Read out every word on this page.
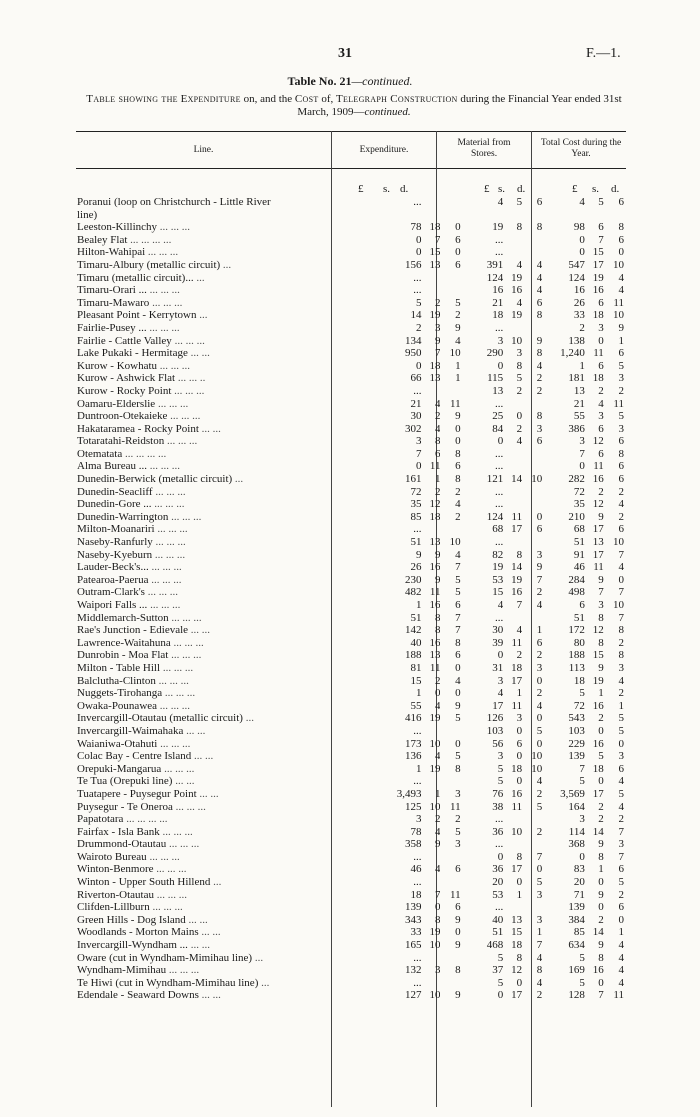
31	F.—1.
Table No. 21—continued.
Table showing the Expenditure on, and the Cost of, Telegraph Construction during the Financial Year ended 31st March, 1909—continued.
Line.	Expenditure.
Material from Stores.
Total Cost during the Year.
£ s. d.	£ s. d.	£ s. d.
Poranui (loop on Christchurch - Little River		...				4	5	6		4	5	6
line)												
Leeston-Killinchy ... ... ...		78	18	0		19	8	8		98	6	8
Bealey Flat ... ... ... ...		0	7	6		...				0	7	6
Hilton-Wahipai ... ... ...		0	15	0		...				0	15	0
Timaru-Albury (metallic circuit) ...		156	13	6		391	4	4		547	17	10
Timaru (metallic circuit)... ...		...				124	19	4		124	19	4
Timaru-Orari ... ... ... ...		...				16	16	4		16	16	4
Timaru-Mawaro ... ... ...		5	2	5		21	4	6		26	6	11
Pleasant Point - Kerrytown ...		14	19	2		18	19	8		33	18	10
Fairlie-Pusey ... ... ... ...		2	3	9		...				2	3	9
Fairlie - Cattle Valley ... ... ...		134	9	4		3	10	9		138	0	1
Lake Pukaki - Hermitage ... ...		950	7	10		290	3	8		1,240	11	6
Kurow - Kowhatu ... ... ...		0	18	1		0	8	4		1	6	5
Kurow - Ashwick Flat ... ... ..		66	13	1		115	5	2		181	18	3
Kurow - Rocky Point ... ... ...		...				13	2	2		13	2	2
Oamaru-Elderslie ... ... ...		21	4	11		...				21	4	11
Duntroon-Otekaieke ... ... ...		30	2	9		25	0	8		55	3	5
Hakataramea - Rocky Point ... ...		302	4	0		84	2	3		386	6	3
Totaratahi-Reidston ... ... ...		3	8	0		0	4	6		3	12	6
Otematata ... ... ... ...		7	6	8		...				7	6	8
Alma Bureau ... ... ... ...		0	11	6		...				0	11	6
Dunedin-Berwick (metallic circuit) ...		161	1	8		121	14	10		282	16	6
Dunedin-Seacliff ... ... ...		72	2	2		...				72	2	2
Dunedin-Gore ... ... ... ...		35	12	4		...				35	12	4
Dunedin-Warrington ... ... ...		85	18	2		124	11	0		210	9	2
Milton-Moanariri ... ... ...		...				68	17	6		68	17	6
Naseby-Ranfurly ... ... ...		51	13	10		...				51	13	10
Naseby-Kyeburn ... ... ...		9	9	4		82	8	3		91	17	7
Lauder-Beck's... ... ... ...		26	16	7		19	14	9		46	11	4
Patearoa-Paerua ... ... ...		230	9	5		53	19	7		284	9	0
Outram-Clark's ... ... ...		482	11	5		15	16	2		498	7	7
Waipori Falls ... ... ... ...		1	16	6		4	7	4		6	3	10
Middlemarch-Sutton ... ... ...		51	8	7		...				51	8	7
Rae's Junction - Edievale ... ...		142	8	7		30	4	1		172	12	8
Lawrence-Waitahuna ... ... ...		40	16	8		39	11	6		80	8	2
Dunrobin - Moa Flat ... ... ...		188	13	6		0	2	2		188	15	8
Milton - Table Hill ... ... ...		81	11	0		31	18	3		113	9	3
Balclutha-Clinton ... ... ...		15	2	4		3	17	0		18	19	4
Nuggets-Tirohanga ... ... ...		1	0	0		4	1	2		5	1	2
Owaka-Pounawea ... ... ...		55	4	9		17	11	4		72	16	1
Invercargill-Otautau (metallic circuit) ...		416	19	5		126	3	0		543	2	5
Invercargill-Waimahaka ... ...		...				103	0	5		103	0	5
Waianiwa-Otahuti ... ... ...		173	10	0		56	6	0		229	16	0
Colac Bay - Centre Island ... ...		136	4	5		3	0	10		139	5	3
Orepuki-Mangarua ... ... ...		1	19	8		5	18	10		7	18	6
Te Tua (Orepuki line) ... ...		...				5	0	4		5	0	4
Tuatapere - Puysegur Point ... ...		3,493	1	3		76	16	2		3,569	17	5
Puysegur - Te Oneroa ... ... ...		125	10	11		38	11	5		164	2	4
Papatotara ... ... ... ...		3	2	2		...				3	2	2
Fairfax - Isla Bank ... ... ...		78	4	5		36	10	2		114	14	7
Drummond-Otautau ... ... ...		358	9	3		...				368	9	3
Wairoto Bureau ... ... ...		...				0	8	7		0	8	7
Winton-Benmore ... ... ...		46	4	6		36	17	0		83	1	6
Winton - Upper South Hillend ...		...				20	0	5		20	0	5
Riverton-Otautau ... ... ...		18	7	11		53	1	3		71	9	2
Clifden-Lillburn ... ... ...		139	0	6		...				139	0	6
Green Hills - Dog Island ... ...		343	8	9		40	13	3		384	2	0
Woodlands - Morton Mains ... ...		33	19	0		51	15	1		85	14	1
Invercargill-Wyndham ... ... ...		165	10	9		468	18	7		634	9	4
Oware (cut in Wyndham-Mimihau line) ...		...				5	8	4		5	8	4
Wyndham-Mimihau ... ... ...		132	3	8		37	12	8		169	16	4
Te Hiwi (cut in Wyndham-Mimihau line) ...		...				5	0	4		5	0	4
Edendale - Seaward Downs ... ...		127	10	9		0	17	2		128	7	11
